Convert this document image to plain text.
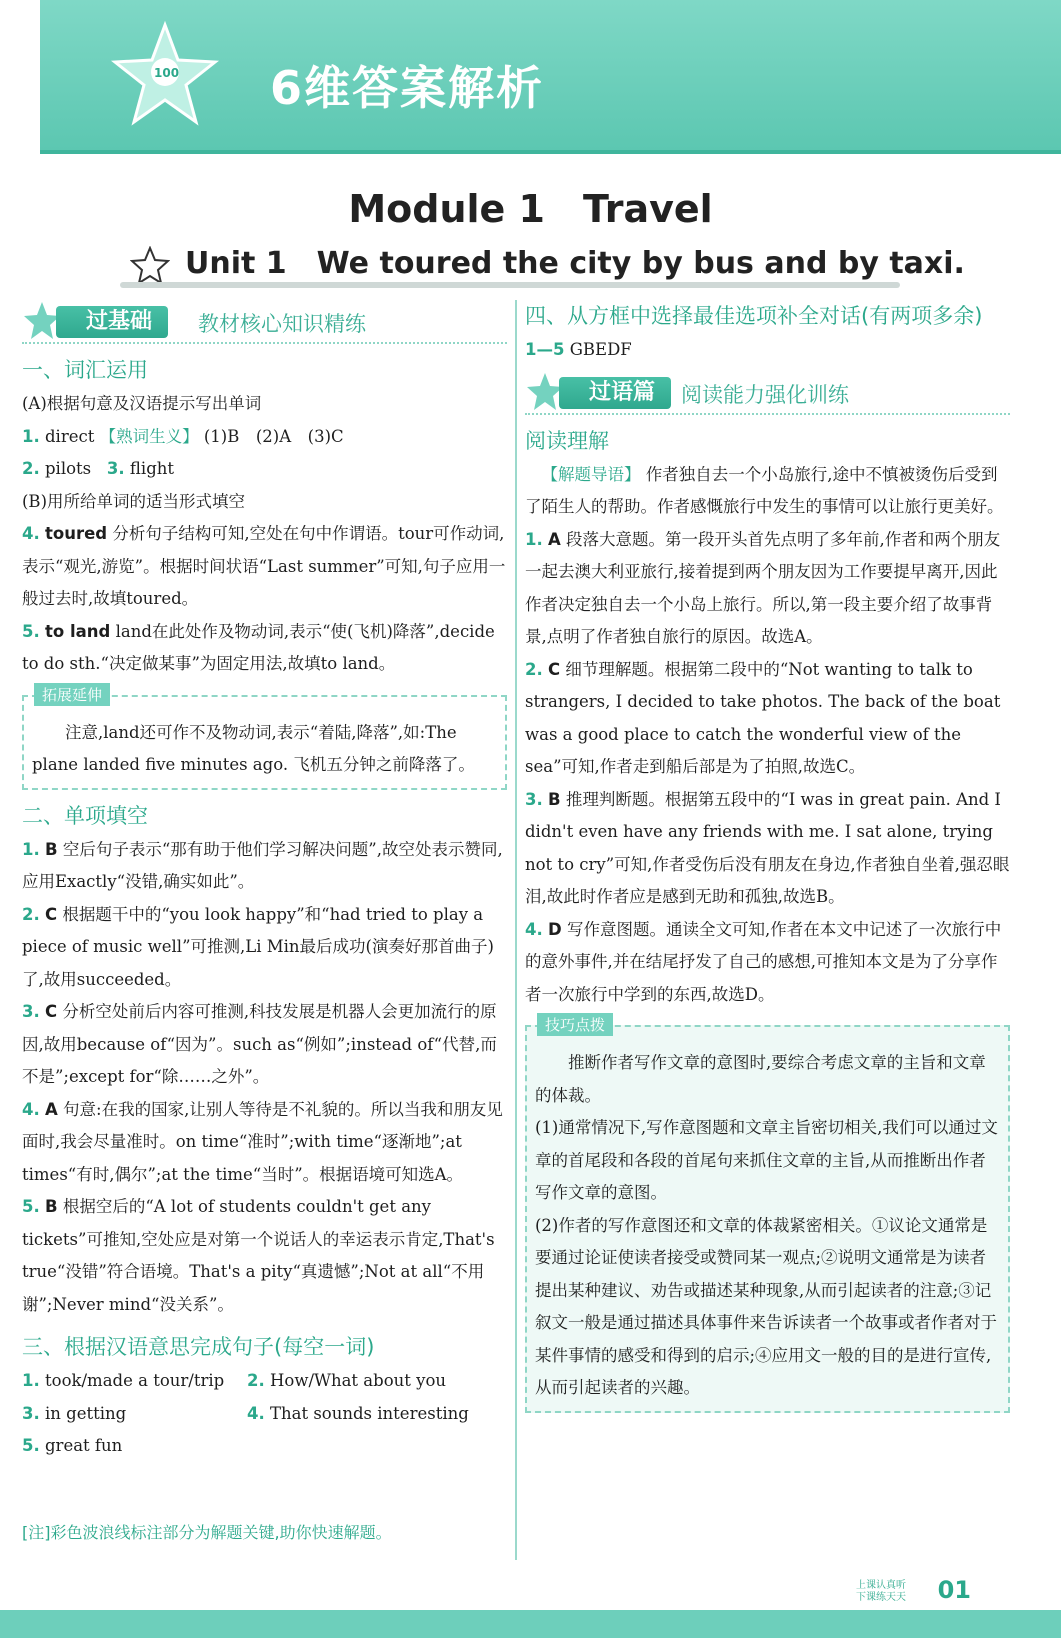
100 6维答案解析
Module 1　Travel
Unit 1　We toured the city by bus and by taxi.
过基础	教材核心知识精练
一、词汇运用

(A)根据句意及汉语提示写出单词

1. direct 【熟词生义】 (1)B　(2)A　(3)C

2. pilots 3. flight

(B)用所给单词的适当形式填空

4. toured 分析句子结构可知,空处在句中作谓语。tour可作动词,表示“观光,游览”。根据时间状语“Last summer”可知,句子应用一般过去时,故填toured。

5. to land land在此处作及物动词,表示“使(飞机)降落”,decide to do sth.“决定做某事”为固定用法,故填to land。

拓展延伸

注意,land还可作不及物动词,表示“着陆,降落”,如:The plane landed five minutes ago. 飞机五分钟之前降落了。

二、单项填空

1. B 空后句子表示“那有助于他们学习解决问题”,故空处表示赞同,应用Exactly“没错,确实如此”。

2. C 根据题干中的“you look happy”和“had tried to play a piece of music well”可推测,Li Min最后成功(演奏好那首曲子)了,故用succeeded。

3. C 分析空处前后内容可推测,科技发展是机器人会更加流行的原因,故用because of“因为”。such as“例如”;instead of“代替,而不是”;except for“除……之外”。

4. A 句意:在我的国家,让别人等待是不礼貌的。所以当我和朋友见面时,我会尽量准时。on time“准时”;with time“逐渐地”;at times“有时,偶尔”;at the time“当时”。根据语境可知选A。

5. B 根据空后的“A lot of students couldn't get any tickets”可推知,空处应是对第一个说话人的幸运表示肯定,That's true“没错”符合语境。That's a pity“真遗憾”;Not at all“不用谢”;Never mind“没关系”。

三、根据汉语意思完成句子(每空一词)

1. took/made a tour/trip	2. How/What about you

3. in getting	4. That sounds interesting

5. great fun

四、从方框中选择最佳选项补全对话(有两项多余)

1—5 GBEDF

过语篇	阅读能力强化训练
阅读理解

【解题导语】 作者独自去一个小岛旅行,途中不慎被烫伤后受到了陌生人的帮助。作者感慨旅行中发生的事情可以让旅行更美好。

1. A 段落大意题。第一段开头首先点明了多年前,作者和两个朋友一起去澳大利亚旅行,接着提到两个朋友因为工作要提早离开,因此作者决定独自去一个小岛上旅行。所以,第一段主要介绍了故事背景,点明了作者独自旅行的原因。故选A。

2. C 细节理解题。根据第二段中的“Not wanting to talk to strangers, I decided to take photos. The back of the boat was a good place to catch the wonderful view of the sea”可知,作者走到船后部是为了拍照,故选C。

3. B 推理判断题。根据第五段中的“I was in great pain. And I didn't even have any friends with me. I sat alone, trying not to cry”可知,作者受伤后没有朋友在身边,作者独自坐着,强忍眼泪,故此时作者应是感到无助和孤独,故选B。

4. D 写作意图题。通读全文可知,作者在本文中记述了一次旅行中的意外事件,并在结尾抒发了自己的感想,可推知本文是为了分享作者一次旅行中学到的东西,故选D。

技巧点拨

推断作者写作文章的意图时,要综合考虑文章的主旨和文章的体裁。

(1)通常情况下,写作意图题和文章主旨密切相关,我们可以通过文章的首尾段和各段的首尾句来抓住文章的主旨,从而推断出作者写作文章的意图。

(2)作者的写作意图还和文章的体裁紧密相关。①议论文通常是要通过论证使读者接受或赞同某一观点;②说明文通常是为读者提出某种建议、劝告或描述某种现象,从而引起读者的注意;③记叙文一般是通过描述具体事件来告诉读者一个故事或者作者对于某件事情的感受和得到的启示;④应用文一般的目的是进行宣传,从而引起读者的兴趣。

[注]彩色波浪线标注部分为解题关键,助你快速解题。
上课认真听
下课练天天 01
